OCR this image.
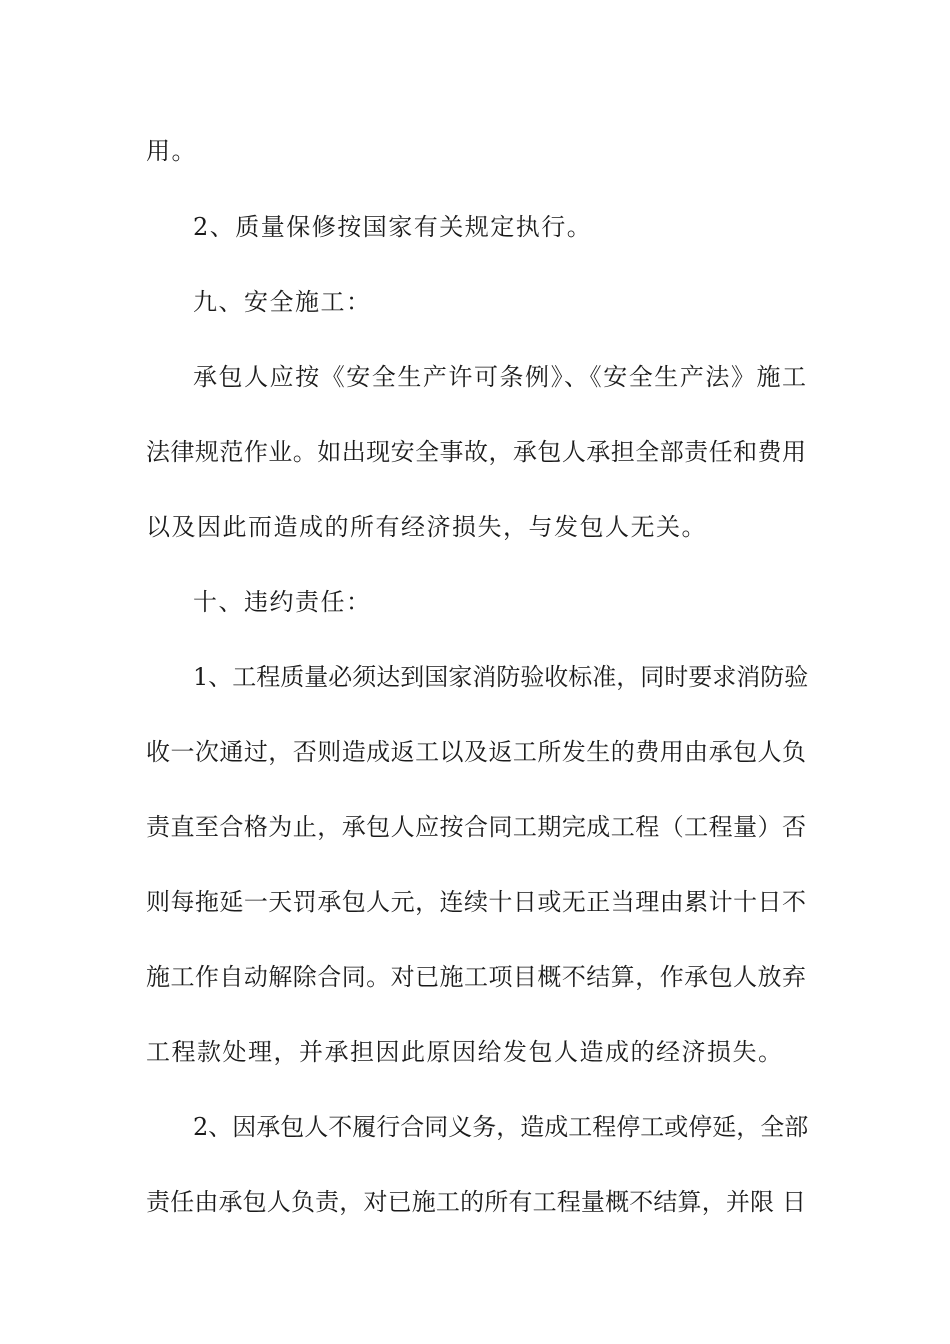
用。
2、质量保修按国家有关规定执行。
九、安全施工：
承包人应按《安全生产许可条例》、《安全生产法》施工
法律规范作业。如出现安全事故，承包人承担全部责任和费用
以及因此而造成的所有经济损失，与发包人无关。
十、违约责任：
1、工程质量必须达到国家消防验收标准，同时要求消防验
收一次通过，否则造成返工以及返工所发生的费用由承包人负
责直至合格为止，承包人应按合同工期完成工程（工程量）否
则每拖延一天罚承包人元，连续十日或无正当理由累计十日不
施工作自动解除合同。对已施工项目概不结算，作承包人放弃
工程款处理，并承担因此原因给发包人造成的经济损失。
2、因承包人不履行合同义务，造成工程停工或停延，全部
责任由承包人负责，对已施工的所有工程量概不结算，并限 日
